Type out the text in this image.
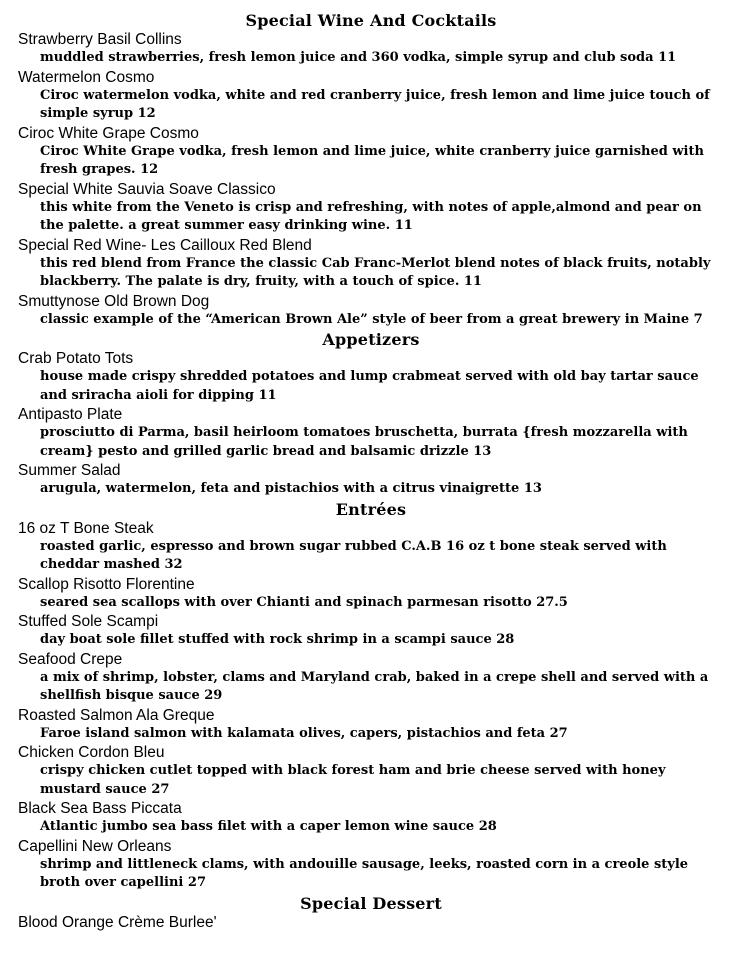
Special Wine And Cocktails
Strawberry Basil Collins
muddled strawberries, fresh lemon juice and 360 vodka, simple syrup and club soda 11
Watermelon Cosmo
Ciroc watermelon vodka, white and red cranberry juice, fresh lemon and lime juice touch of simple syrup 12
Ciroc White Grape Cosmo
Ciroc White Grape vodka, fresh lemon and lime juice, white cranberry juice garnished with fresh grapes. 12
Special White Sauvia Soave Classico
this white from the Veneto is crisp and refreshing, with notes of apple,almond and pear on the palette. a great summer easy drinking wine. 11
Special Red Wine- Les Cailloux Red Blend
this red blend from France the classic Cab Franc-Merlot blend notes of black fruits, notably blackberry. The palate is dry, fruity, with a touch of spice. 11
Smuttynose Old Brown Dog
classic example of the “American Brown Ale” style of beer from a great brewery in Maine 7
Appetizers
Crab Potato Tots
house made crispy shredded potatoes and lump crabmeat served with old bay tartar sauce and sriracha aioli for dipping 11
Antipasto Plate
prosciutto di Parma, basil heirloom tomatoes bruschetta, burrata {fresh mozzarella with cream} pesto and grilled garlic bread and balsamic drizzle 13
Summer Salad
arugula, watermelon, feta and pistachios with a citrus vinaigrette 13
Entrées
16 oz T Bone Steak
roasted garlic, espresso and brown sugar rubbed C.A.B 16 oz t bone steak served with cheddar mashed 32
Scallop Risotto Florentine
seared sea scallops with over Chianti and spinach parmesan risotto 27.5
Stuffed Sole Scampi
day boat sole fillet stuffed with rock shrimp in a scampi sauce 28
Seafood Crepe
a mix of shrimp, lobster, clams and Maryland crab, baked in a crepe shell and served with a shellfish bisque sauce 29
Roasted Salmon Ala Greque
Faroe island salmon with kalamata olives, capers, pistachios and feta 27
Chicken Cordon Bleu
crispy chicken cutlet topped with black forest ham and brie cheese served with honey mustard sauce 27
Black Sea Bass Piccata
Atlantic jumbo sea bass filet with a caper lemon wine sauce 28
Capellini New Orleans
shrimp and littleneck clams, with andouille sausage, leeks, roasted corn in a creole style broth over capellini 27
Special Dessert
Blood Orange Crème Burlee'
